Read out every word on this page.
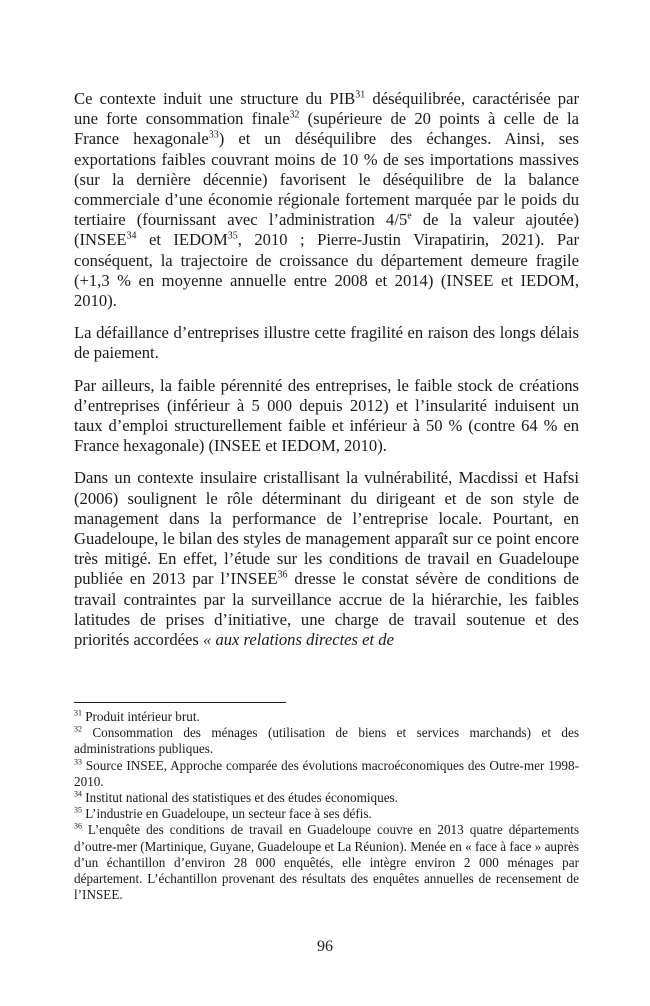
Ce contexte induit une structure du PIB$^{31}$ déséquilibrée, caractérisée par une forte consommation finale$^{32}$ (supérieure de 20 points à celle de la France hexagonale$^{33}$) et un déséquilibre des échanges. Ainsi, ses exportations faibles couvrant moins de 10 % de ses importations massives (sur la dernière décennie) favorisent le déséquilibre de la balance commerciale d’une économie régionale fortement marquée par le poids du tertiaire (fournissant avec l’administration 4/5e de la valeur ajoutée) (INSEE$^{34}$ et IEDOM$^{35}$, 2010 ; Pierre-Justin Virapatirin, 2021). Par conséquent, la trajectoire de croissance du département demeure fragile (+1,3 % en moyenne annuelle entre 2008 et 2014) (INSEE et IEDOM, 2010).

La défaillance d’entreprises illustre cette fragilité en raison des longs délais de paiement.

Par ailleurs, la faible pérennité des entreprises, le faible stock de créations d’entreprises (inférieur à 5 000 depuis 2012) et l’insularité induisent un taux d’emploi structurellement faible et inférieur à 50 % (contre 64 % en France hexagonale) (INSEE et IEDOM, 2010).

Dans un contexte insulaire cristallisant la vulnérabilité, Macdissi et Hafsi (2006) soulignent le rôle déterminant du dirigeant et de son style de management dans la performance de l’entreprise locale. Pourtant, en Guadeloupe, le bilan des styles de management apparaît sur ce point encore très mitigé. En effet, l’étude sur les conditions de travail en Guadeloupe publiée en 2013 par l’INSEE$^{36}$ dresse le constat sévère de conditions de travail contraintes par la surveillance accrue de la hiérarchie, les faibles latitudes de prises d’initiative, une charge de travail soutenue et des priorités accordées « aux relations directes et de

$^{31}$ Produit intérieur brut.

$^{32}$ Consommation des ménages (utilisation de biens et services marchands) et des administrations publiques.

$^{33}$ Source INSEE, Approche comparée des évolutions macroéconomiques des Outre-mer 1998-2010.

$^{34}$ Institut national des statistiques et des études économiques.

$^{35}$ L’industrie en Guadeloupe, un secteur face à ses défis.

$^{36}$ L’enquête des conditions de travail en Guadeloupe couvre en 2013 quatre départements d’outre-mer (Martinique, Guyane, Guadeloupe et La Réunion). Menée en « face à face » auprès d’un échantillon d’environ 28 000 enquêtés, elle intègre environ 2 000 ménages par département. L’échantillon provenant des résultats des enquêtes annuelles de recensement de l’INSEE.

96
